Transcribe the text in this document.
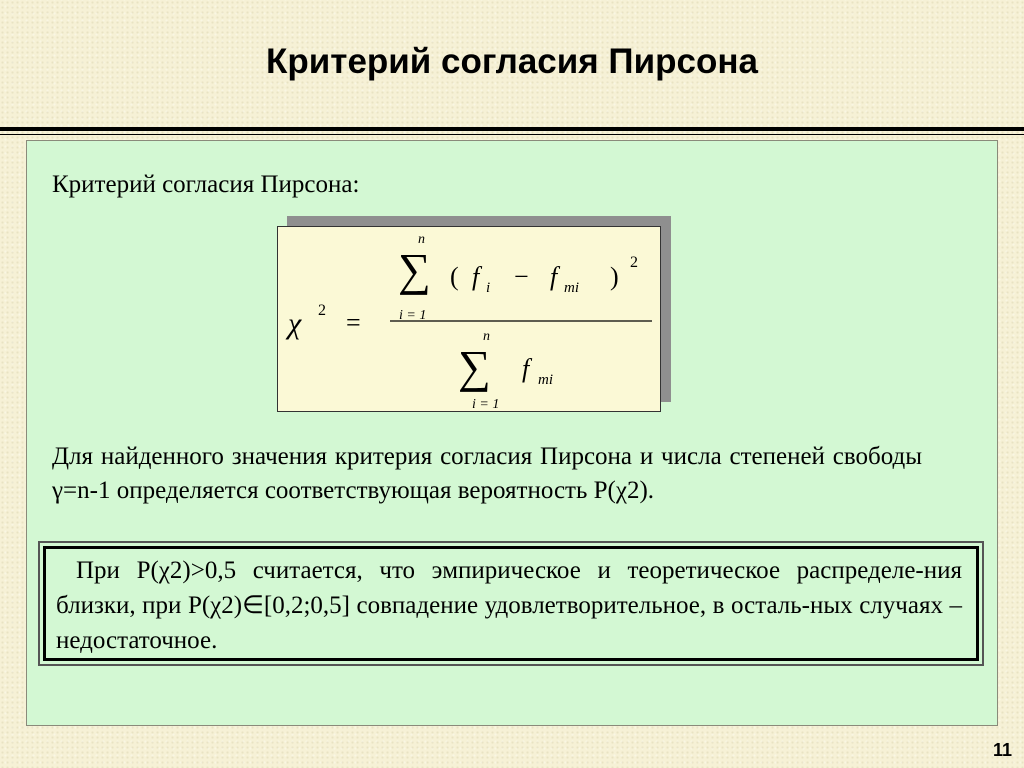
Критерий согласия Пирсона
Критерий согласия Пирсона:
χ 2 =
n
∑
i = 1
( f i − f mi ) 2
n
∑
i = 1
f mi
Для найденного значения критерия согласия Пирсона и числа степеней свободы γ=n-1 определяется соответствующая вероятность P(χ2).
При P(χ2)>0,5 считается, что эмпирическое и теоретическое распределе-ния близки, при P(χ2)∈[0,2;0,5] совпадение удовлетворительное, в осталь-ных случаях – недостаточное.
11
